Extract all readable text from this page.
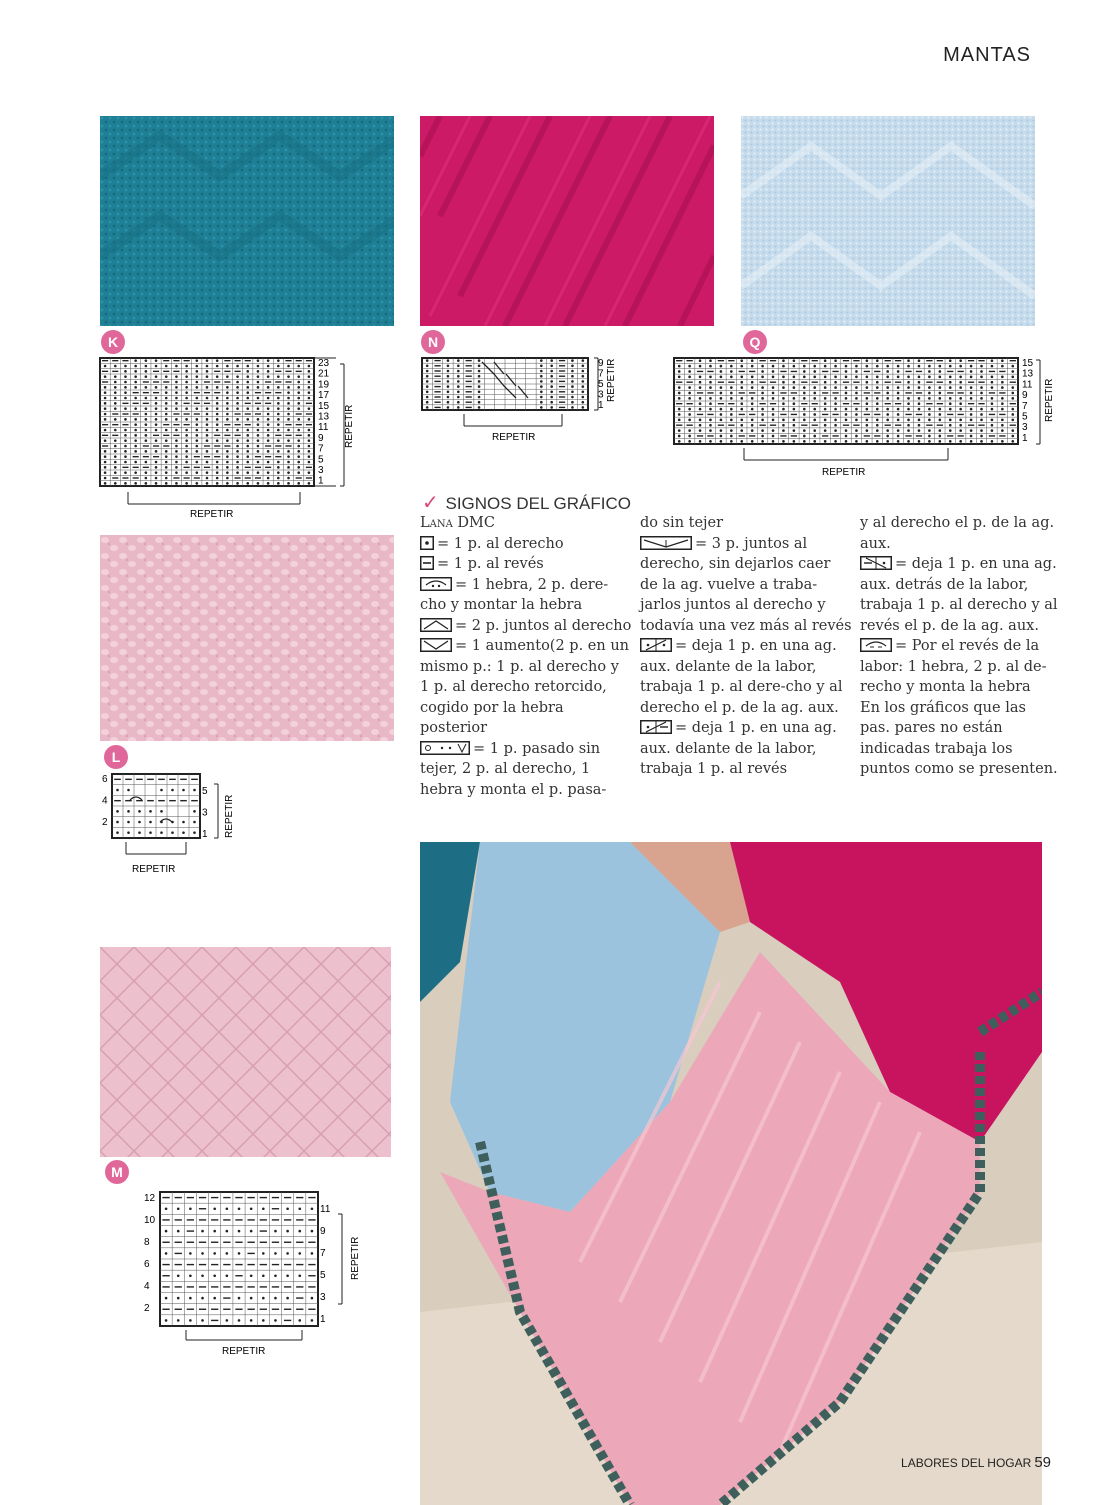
MANTAS
K	N	Q
L
M
REPETIR
23
21
19
17
15
13
11
9
7
5
3
1
REPETIR
REPETIR
9
7
5
3
1
REPETIR
15
13
11
9
7
5
3
1
REPETIR
REPETIR
6
4
2
5
3
1 REPETIR
REPETIR
12
10
8
6
4
2
11
9
7
5
3
1
REPETIR
REPETIR
✓ SIGNOS DEL GRÁFICO

Lana DMC

= 1 p. al derecho

= 1 p. al revés

= 1 hebra, 2 p. dere-cho y montar la hebra

= 2 p. juntos al derecho

= 1 aumento(2 p. en un mismo p.: 1 p. al derecho y 1 p. al derecho retorcido, cogido por la hebra posterior

= 1 p. pasado sin tejer, 2 p. al derecho, 1 hebra y monta el p. pasa-

do sin tejer

= 3 p. juntos al derecho, sin dejarlos caer de la ag. vuelve a traba-jarlos juntos al derecho y todavía una vez más al revés

= deja 1 p. en una ag. aux. delante de la labor, trabaja 1 p. al dere-cho y al derecho el p. de la ag. aux.

= deja 1 p. en una ag. aux. delante de la labor, trabaja 1 p. al revés

y al derecho el p. de la ag. aux.

= deja 1 p. en una ag. aux. detrás de la labor, trabaja 1 p. al derecho y al revés el p. de la ag. aux.

= Por el revés de la labor: 1 hebra, 2 p. al de-recho y monta la hebra

En los gráficos que las pas. pares no están indicadas trabaja los puntos como se presenten.

LABORES DEL HOGAR 59
